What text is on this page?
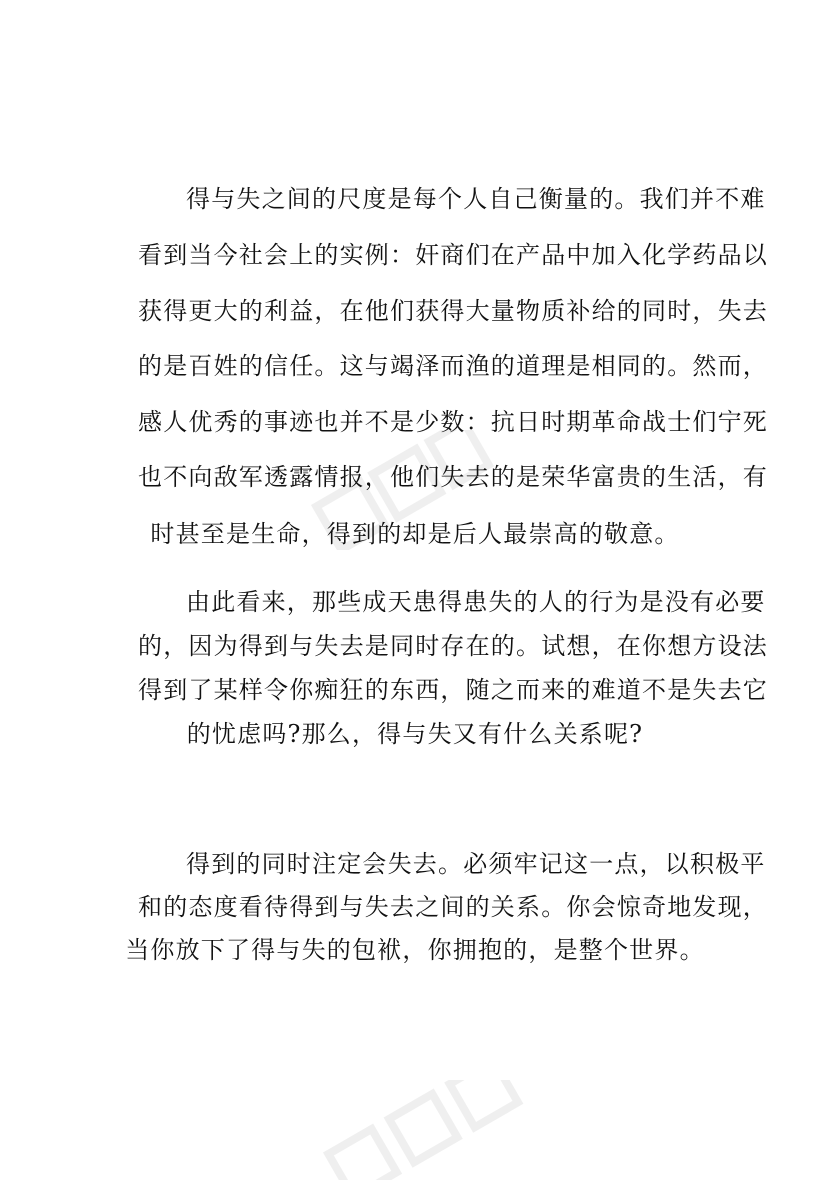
得与失之间的尺度是每个人自己衡量的。我们并不难
看到当今社会上的实例：奸商们在产品中加入化学药品以
获得更大的利益，在他们获得大量物质补给的同时，失去
的是百姓的信任。这与竭泽而渔的道理是相同的。然而，
感人优秀的事迹也并不是少数：抗日时期革命战士们宁死
也不向敌军透露情报，他们失去的是荣华富贵的生活，有
时甚至是生命，得到的却是后人最崇高的敬意。
由此看来，那些成天患得患失的人的行为是没有必要
的，因为得到与失去是同时存在的。试想，在你想方设法
得到了某样令你痴狂的东西，随之而来的难道不是失去它
的忧虑吗?那么，得与失又有什么关系呢?
得到的同时注定会失去。必须牢记这一点，以积极平
和的态度看待得到与失去之间的关系。你会惊奇地发现，
当你放下了得与失的包袱，你拥抱的，是整个世界。
